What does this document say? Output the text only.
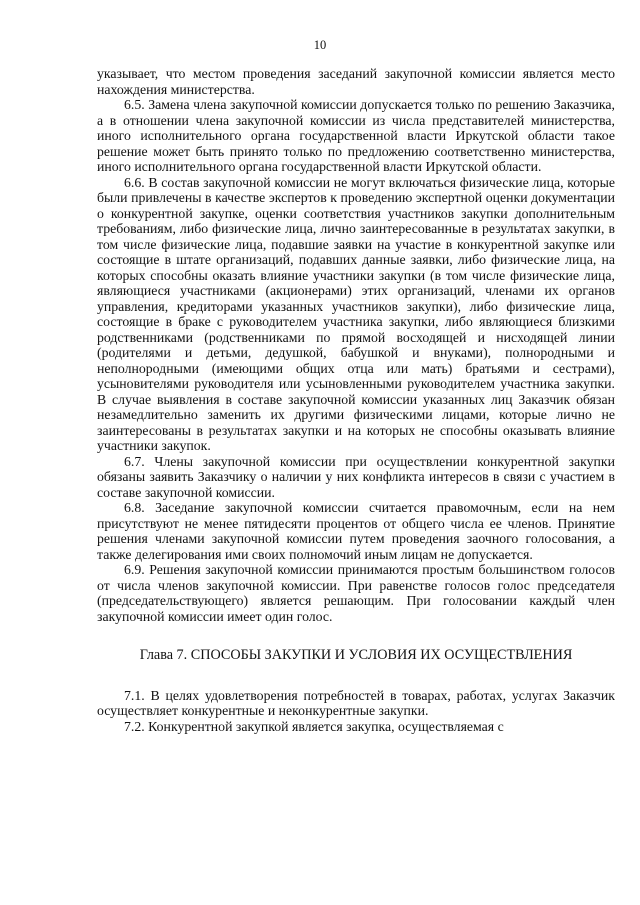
10

указывает, что местом проведения заседаний закупочной комиссии является место нахождения министерства.

6.5. Замена члена закупочной комиссии допускается только по решению Заказчика, а в отношении члена закупочной комиссии из числа представителей министерства, иного исполнительного органа государственной власти Иркутской области такое решение может быть принято только по предложению соответственно министерства, иного исполнительного органа государственной власти Иркутской области.

6.6. В состав закупочной комиссии не могут включаться физические лица, которые были привлечены в качестве экспертов к проведению экспертной оценки документации о конкурентной закупке, оценки соответствия участников закупки дополнительным требованиям, либо физические лица, лично заинтересованные в результатах закупки, в том числе физические лица, подавшие заявки на участие в конкурентной закупке или состоящие в штате организаций, подавших данные заявки, либо физические лица, на которых способны оказать влияние участники закупки (в том числе физические лица, являющиеся участниками (акционерами) этих организаций, членами их органов управления, кредиторами указанных участников закупки), либо физические лица, состоящие в браке с руководителем участника закупки, либо являющиеся близкими родственниками (родственниками по прямой восходящей и нисходящей линии (родителями и детьми, дедушкой, бабушкой и внуками), полнородными и неполнородными (имеющими общих отца или мать) братьями и сестрами), усыновителями руководителя или усыновленными руководителем участника закупки. В случае выявления в составе закупочной комиссии указанных лиц Заказчик обязан незамедлительно заменить их другими физическими лицами, которые лично не заинтересованы в результатах закупки и на которых не способны оказывать влияние участники закупок.

6.7. Члены закупочной комиссии при осуществлении конкурентной закупки обязаны заявить Заказчику о наличии у них конфликта интересов в связи с участием в составе закупочной комиссии.

6.8. Заседание закупочной комиссии считается правомочным, если на нем присутствуют не менее пятидесяти процентов от общего числа ее членов. Принятие решения членами закупочной комиссии путем проведения заочного голосования, а также делегирования ими своих полномочий иным лицам не допускается.

6.9. Решения закупочной комиссии принимаются простым большинством голосов от числа членов закупочной комиссии. При равенстве голосов голос председателя (председательствующего) является решающим. При голосовании каждый член закупочной комиссии имеет один голос.

Глава 7. СПОСОБЫ ЗАКУПКИ И УСЛОВИЯ ИХ ОСУЩЕСТВЛЕНИЯ

7.1. В целях удовлетворения потребностей в товарах, работах, услугах Заказчик осуществляет конкурентные и неконкурентные закупки.

7.2. Конкурентной закупкой является закупка, осуществляемая с
